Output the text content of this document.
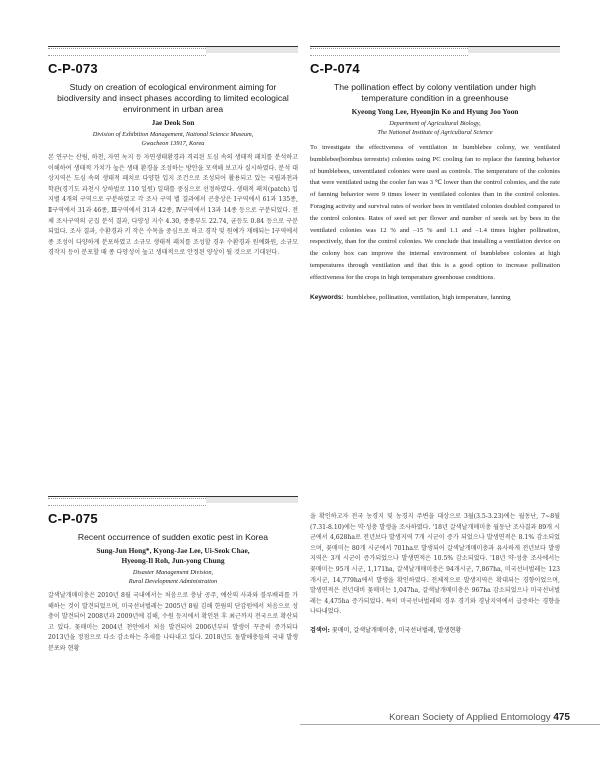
C-P-073
Study on creation of ecological environment aiming for biodiversity and insect phases according to limited ecological environment in urban area
Jae Deok Son
Division of Exhibition Management, National Science Museum,
Gwacheon 13917, Korea
본 연구는 산림, 하천, 자연 녹지 등 자연생태환경과 격리된 도심 속의 생태적 패치를 분석하고 이해하여 생태적 가치가 높은 생태 환경을 조성하는 방안을 모색해 보고자 실시하였다. 분석 대상지역은 도심 속의 생태적 패치로 다양한 입지 조건으로 조성되어 활용되고 있는 국립과천과학관(경기도 과천시 상하벌로 110 일원) 일대를 중심으로 선정하였다. 생태적 패치(patch) 입지별 4개의 구역으로 구분하였고 각 조사 구역 별 결과에서 곤충상은 Ⅰ구역에서 61과 135종, Ⅱ구역에서 31과 46종, Ⅲ구역에서 31과 42종, Ⅳ구역에서 13과 14종 등으로 구분되었다. 전체 조사구역의 군집 분석 결과, 다양성 지수 4.30, 종풍부도 22.74, 균등도 0.84 등으로 구분되었다. 조사 결과, 수환경과 키 작은 수목을 중심으로 하고 경작 및 원예가 재배되는 Ⅰ구역에서 종 조성이 다양하게 분포하였고 소규모 생태적 패치를 조성할 경우 수환경과 원예화원, 소규모 경작지 등이 분포할 때 종 다양성이 높고 생태적으로 안정된 양상이 될 것으로 기대된다.
C-P-074
The pollination effect by colony ventilation under high temperature condition in a greenhouse
Kyeong Yong Lee, Hyeonjin Ko and Hyung Joo Yoon
Department of Agricultural Biology,
The National Institute of Agricultural Science
To investigate the effectiveness of ventilation in bumblebee colony, we ventilated bumblebee(bombus terrestris) colonies using PC cooling fan to replace the fanning behavior of bumblebees, unventilated colonies were used as controls. The temperature of the colonies that were ventilated using the cooler fan was 3 ℃ lower than the control colonies, and the rate of fanning behavior were 9 times lower in ventilated colonies than in the control colonies. Foraging activity and survival rates of worker bees in ventilated colonies doubled compared to the control colonies. Rates of seed set per flower and number of seeds set by bees in the ventilated colonies was 12 % and –15 % and 1.1 and –1.4 times higher pollination, respectively, than for the control colonies. We conclude that installing a ventilation device on the colony box can improve the internal environment of bumblebee colonies at high temperatures through ventilation and that this is a good option to increase pollination effectiveness for the crops in high temperature greenhouse conditions.
Keywords: bumblebee, pollination, ventilation, high temperature, fanning
C-P-075
Recent occurrence of sudden exotic pest in Korea
Sung-Jun Hong*, Kyong-Jae Lee, Ui-Seok Chae,
Hyeong-Il Roh, Jun-yong Chung
Disaster Management Division,
Rural Development Administration
갈색날개매미충은 2010년 8월 국내에서는 처음으로 충남 공주, 예산의 사과와 블루베리를 가해하는 것이 발견되었으며, 미국선녀벌레는 2005년 8월 김해 한림의 단감원에서 처음으로 성충이 발견되어 2008년과 2009년에 김해, 수원 등지에서 확인된 후 최근까지 전국으로 확산되고 있다. 꽃매미는 2004년 천안에서 처음 발견되어 2006년부터 발생이 꾸준히 증가되다 2013년을 정점으로 다소 감소하는 추세를 나타내고 있다. 2018년도 돌발해충들의 국내 발생분포와 현황
을 확인하고자 전국 농경지 및 농경지 주변을 대상으로 3월(3.5-3.23)에는 월동난, 7~8월(7.31-8.10)에는 약·성충 발생을 조사하였다. '18년 갈색날개매미충 월동난 조사결과 89개 시군에서 4,628ha로 전년보다 발생지역 7개 시군이 증가 되었으나 발생면적은 8.1% 감소되었으며, 꽃매미는 80개 시군에서 701ha로 발생되어 갈색날개매미충과 유사하게 전년보다 발생지역은 3개 시군이 증가되었으나 발생면적은 10.5% 감소되었다. '18년 약·성충 조사에서는 꽃매미는 95개 시군, 1,171ha, 갈색날개매미충은 94개시군, 7,867ha, 미국선녀벌레는 123개시군, 14,779ha에서 발생을 확인하였다. 전체적으로 발생지역은 확대되는 경향이었으며, 발생면적은 전년대비 꽃매미는 1,047ha, 갈색날개매미충은 967ha 감소되었으나 미국선녀벌레는 4,475ha 증가되었다. 특히 미국선녀벌레의 경우 경기와 경남지역에서 급증하는 경향을 나타내었다.
검색어: 꽃매미, 갈색날개매미충, 미국선녀벌레, 발생현황
Korean Society of Applied Entomology 475
